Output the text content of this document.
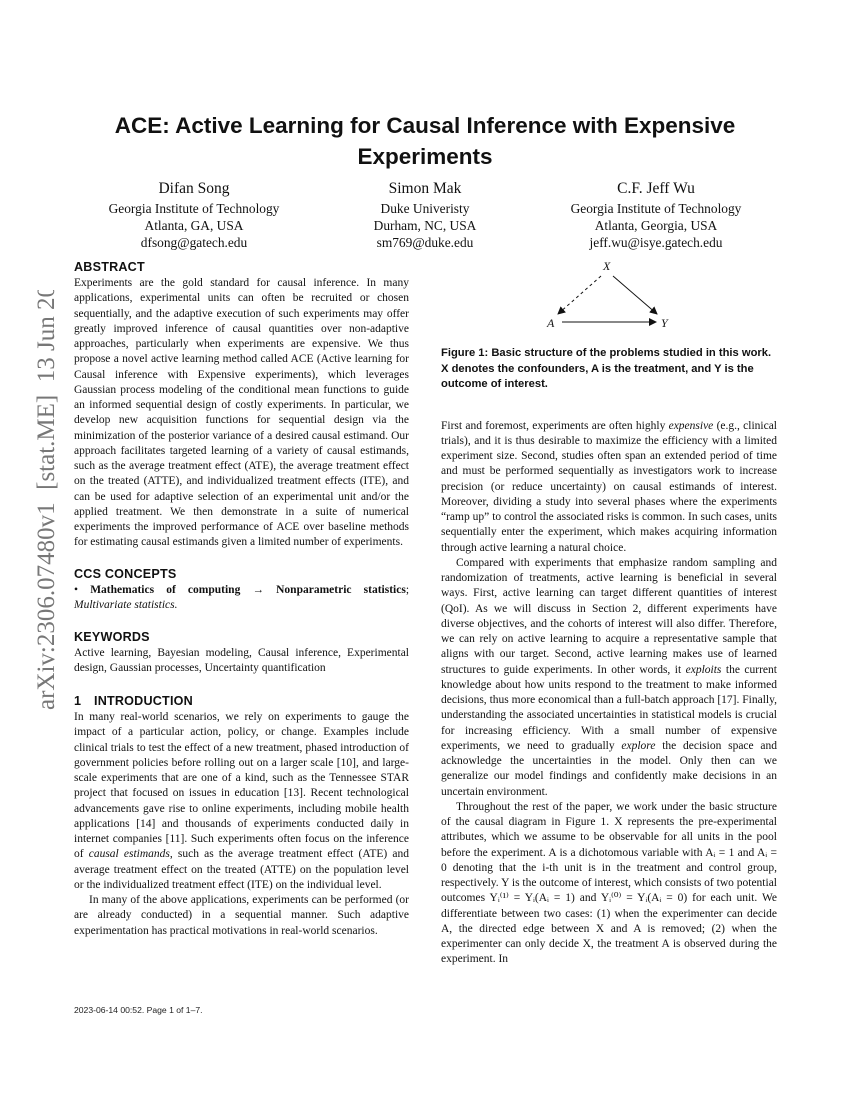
arXiv:2306.07480v1  [stat.ME]  13 Jun 2023
ACE: Active Learning for Causal Inference with Expensive Experiments
Difan Song
Georgia Institute of Technology
Atlanta, GA, USA
dfsong@gatech.edu
Simon Mak
Duke Univeristy
Durham, NC, USA
sm769@duke.edu
C.F. Jeff Wu
Georgia Institute of Technology
Atlanta, Georgia, USA
jeff.wu@isye.gatech.edu
ABSTRACT

Experiments are the gold standard for causal inference. In many applications, experimental units can often be recruited or chosen sequentially, and the adaptive execution of such experiments may offer greatly improved inference of causal quantities over non-adaptive approaches, particularly when experiments are expensive. We thus propose a novel active learning method called ACE (Active learning for Causal inference with Expensive experiments), which leverages Gaussian process modeling of the conditional mean functions to guide an informed sequential design of costly experiments. In particular, we develop new acquisition functions for sequential design via the minimization of the posterior variance of a desired causal estimand. Our approach facilitates targeted learning of a variety of causal estimands, such as the average treatment effect (ATE), the average treatment effect on the treated (ATTE), and individualized treatment effects (ITE), and can be used for adaptive selection of an experimental unit and/or the applied treatment. We then demonstrate in a suite of numerical experiments the improved performance of ACE over baseline methods for estimating causal estimands given a limited number of experiments.

CCS CONCEPTS

• Mathematics of computing → Nonparametric statistics; Multivariate statistics.

KEYWORDS

Active learning, Bayesian modeling, Causal inference, Experimental design, Gaussian processes, Uncertainty quantification

1 INTRODUCTION

In many real-world scenarios, we rely on experiments to gauge the impact of a particular action, policy, or change. Examples include clinical trials to test the effect of a new treatment, phased introduction of government policies before rolling out on a larger scale [10], and large-scale experiments that are one of a kind, such as the Tennessee STAR project that focused on issues in education [13]. Recent technological advancements gave rise to online experiments, including mobile health applications [14] and thousands of experiments conducted daily in internet companies [11]. Such experiments often focus on the inference of causal estimands, such as the average treatment effect (ATE) and average treatment effect on the treated (ATTE) on the population level or the individualized treatment effect (ITE) on the individual level.

In many of the above applications, experiments can be performed (or are already conducted) in a sequential manner. Such adaptive experimentation has practical motivations in real-world scenarios.

X
A	Y

Figure 1: Basic structure of the problems studied in this work. X denotes the confounders, A is the treatment, and Y is the outcome of interest.

First and foremost, experiments are often highly expensive (e.g., clinical trials), and it is thus desirable to maximize the efficiency with a limited experiment size. Second, studies often span an extended period of time and must be performed sequentially as investigators work to increase precision (or reduce uncertainty) on causal estimands of interest. Moreover, dividing a study into several phases where the experiments “ramp up” to control the associated risks is common. In such cases, units sequentially enter the experiment, which makes acquiring information through active learning a natural choice.

Compared with experiments that emphasize random sampling and randomization of treatments, active learning is beneficial in several ways. First, active learning can target different quantities of interest (QoI). As we will discuss in Section 2, different experiments have diverse objectives, and the cohorts of interest will also differ. Therefore, we can rely on active learning to acquire a representative sample that aligns with our target. Second, active learning makes use of learned structures to guide experiments. In other words, it exploits the current knowledge about how units respond to the treatment to make informed decisions, thus more economical than a full-batch approach [17]. Finally, understanding the associated uncertainties in statistical models is crucial for increasing efficiency. With a small number of expensive experiments, we need to gradually explore the decision space and acknowledge the uncertainties in the model. Only then can we generalize our model findings and confidently make decisions in an uncertain environment.

Throughout the rest of the paper, we work under the basic structure of the causal diagram in Figure 1. X represents the pre-experimental attributes, which we assume to be observable for all units in the pool before the experiment. A is a dichotomous variable with Aᵢ = 1 and Aᵢ = 0 denoting that the i-th unit is in the treatment and control group, respectively. Y is the outcome of interest, which consists of two potential outcomes Yᵢ⁽¹⁾ = Yᵢ(Aᵢ = 1) and Yᵢ⁽⁰⁾ = Yᵢ(Aᵢ = 0) for each unit. We differentiate between two cases: (1) when the experimenter can decide A, the directed edge between X and A is removed; (2) when the experimenter can only decide X, the treatment A is observed during the experiment. In

2023-06-14 00:52. Page 1 of 1–7.
